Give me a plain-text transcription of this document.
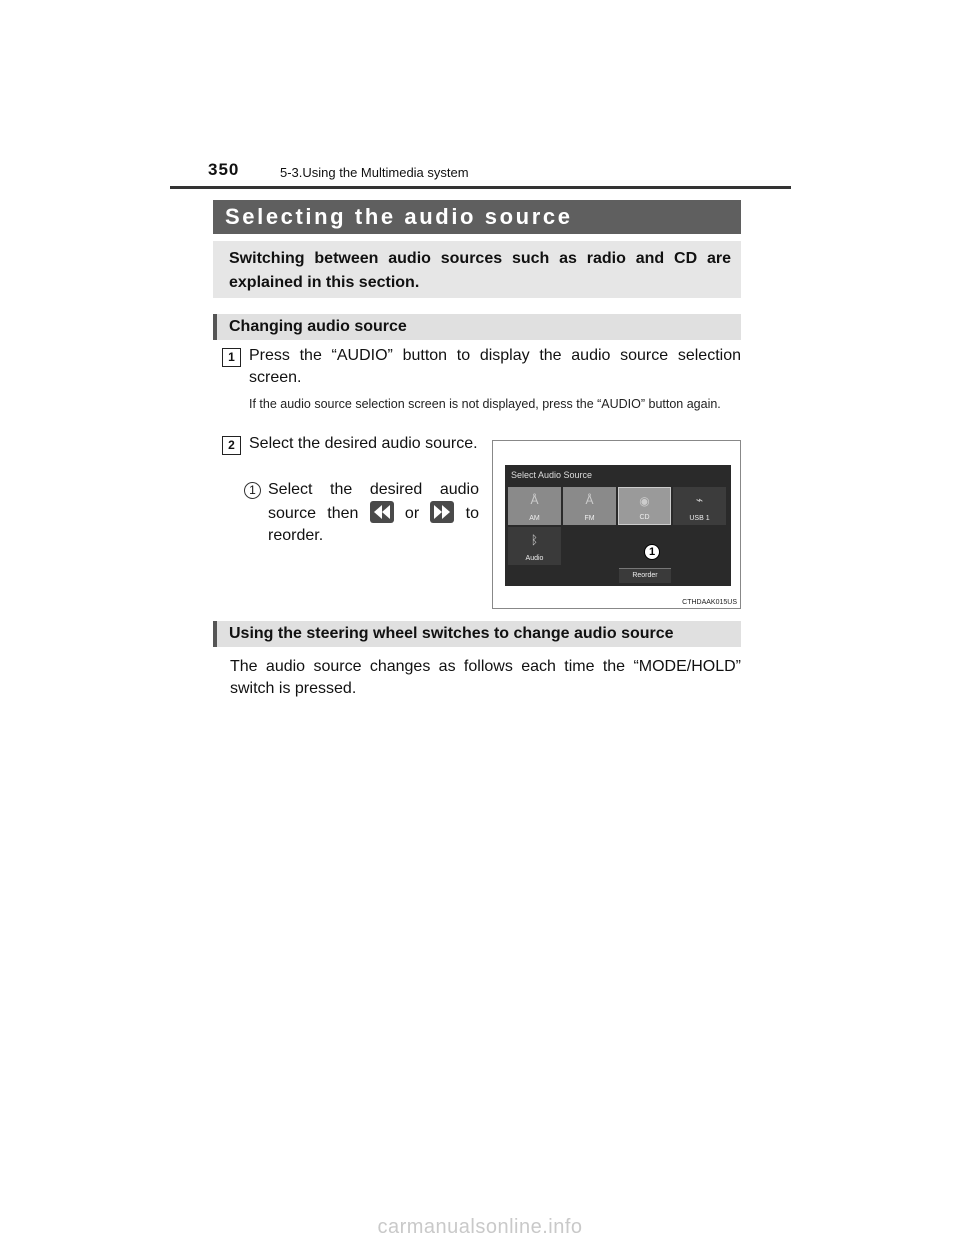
350	5-3.Using the Multimedia system
Selecting the audio source
Switching between audio sources such as radio and CD are explained in this section.
Changing audio source
1 Press the “AUDIO” button to display the audio source selection screen.
If the audio source selection screen is not displayed, press the “AUDIO” button again.
2 Select the desired audio source.
1 Select the desired audio source then	or	to reorder.
Select Audio Source
Å
AM
Å
FM
◉
CD
⌁
USB 1
ᛒ
Audio
Reorder
1
CTHDAAK015US
Using the steering wheel switches to change audio source
The audio source changes as follows each time the “MODE/HOLD” switch is pressed.
carmanualsonline.info
